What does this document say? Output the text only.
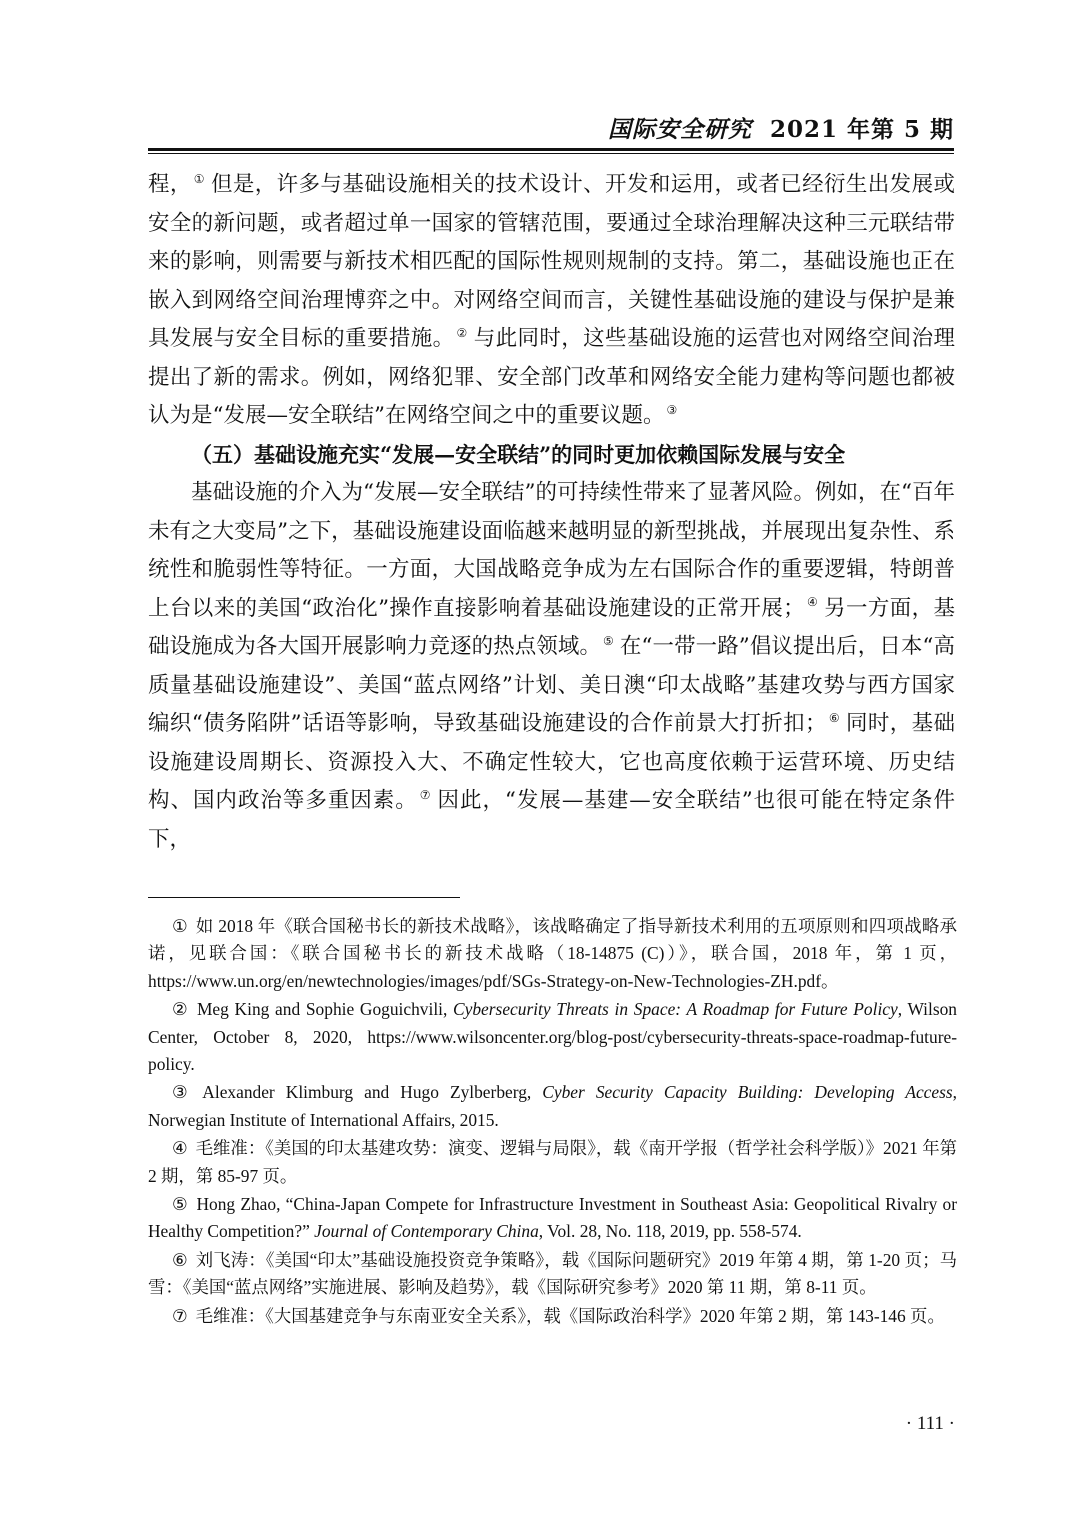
国际安全研究 2021 年第 5 期

程， ① 但是，许多与基础设施相关的技术设计、开发和运用，或者已经衍生出发展或安全的新问题，或者超过单一国家的管辖范围，要通过全球治理解决这种三元联结带来的影响，则需要与新技术相匹配的国际性规则规制的支持。第二，基础设施也正在嵌入到网络空间治理博弈之中。对网络空间而言，关键性基础设施的建设与保护是兼具发展与安全目标的重要措施。 ② 与此同时，这些基础设施的运营也对网络空间治理提出了新的需求。例如，网络犯罪、安全部门改革和网络安全能力建构等问题也都被认为是“发展—安全联结”在网络空间之中的重要议题。 ③

（五）基础设施充实“发展—安全联结”的同时更加依赖国际发展与安全

基础设施的介入为“发展—安全联结”的可持续性带来了显著风险。例如，在“百年未有之大变局”之下，基础设施建设面临越来越明显的新型挑战，并展现出复杂性、系统性和脆弱性等特征。一方面，大国战略竞争成为左右国际合作的重要逻辑，特朗普上台以来的美国“政治化”操作直接影响着基础设施建设的正常开展； ④ 另一方面，基础设施成为各大国开展影响力竞逐的热点领域。 ⑤ 在“一带一路”倡议提出后，日本“高质量基础设施建设”、美国“蓝点网络”计划、美日澳“印太战略”基建攻势与西方国家编织“债务陷阱”话语等影响，导致基础设施建设的合作前景大打折扣； ⑥ 同时，基础设施建设周期长、资源投入大、不确定性较大，它也高度依赖于运营环境、历史结构、国内政治等多重因素。 ⑦ 因此，“发展—基建—安全联结”也很可能在特定条件下，

① 如 2018 年《联合国秘书长的新技术战略》，该战略确定了指导新技术利用的五项原则和四项战略承诺，见联合国：《联合国秘书长的新技术战略（18-14875 (C)）》，联合国，2018 年，第 1 页，https://www.un.org/en/newtechnologies/images/pdf/SGs-Strategy-on-New-Technologies-ZH.pdf。

② Meg King and Sophie Goguichvili, Cybersecurity Threats in Space: A Roadmap for Future Policy, Wilson Center, October 8, 2020, https://www.wilsoncenter.org/blog-post/cybersecurity-threats-space-roadmap-future-policy.

③ Alexander Klimburg and Hugo Zylberberg, Cyber Security Capacity Building: Developing Access, Norwegian Institute of International Affairs, 2015.

④ 毛维准：《美国的印太基建攻势：演变、逻辑与局限》，载《南开学报（哲学社会科学版）》2021 年第 2 期，第 85-97 页。

⑤ Hong Zhao, “China-Japan Compete for Infrastructure Investment in Southeast Asia: Geopolitical Rivalry or Healthy Competition?” Journal of Contemporary China, Vol. 28, No. 118, 2019, pp. 558-574.

⑥ 刘飞涛：《美国“印太”基础设施投资竞争策略》，载《国际问题研究》2019 年第 4 期，第 1-20 页；马雪：《美国“蓝点网络”实施进展、影响及趋势》，载《国际研究参考》2020 第 11 期，第 8-11 页。

⑦ 毛维准：《大国基建竞争与东南亚安全关系》，载《国际政治科学》2020 年第 2 期，第 143-146 页。

· 111 ·
